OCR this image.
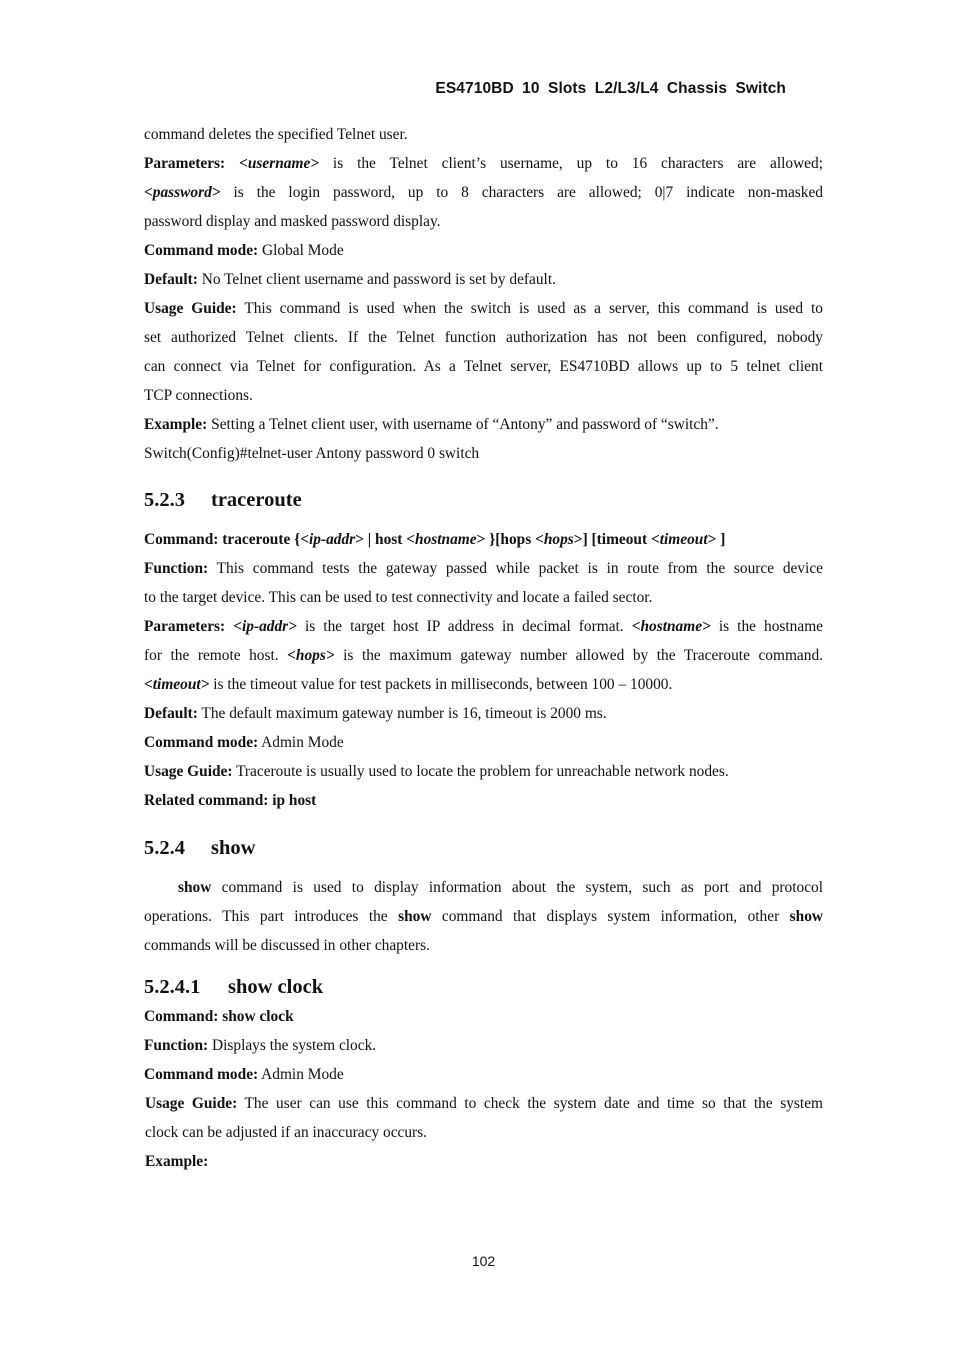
ES4710BD 10 Slots L2/L3/L4 Chassis Switch
command deletes the specified Telnet user.
Parameters: <username> is the Telnet client’s username, up to 16 characters are allowed;
<password> is the login password, up to 8 characters are allowed; 0|7 indicate non-masked
password display and masked password display.
Command mode: Global Mode
Default: No Telnet client username and password is set by default.
Usage Guide: This command is used when the switch is used as a server, this command is used to
set authorized Telnet clients. If the Telnet function authorization has not been configured, nobody
can connect via Telnet for configuration. As a Telnet server, ES4710BD allows up to 5 telnet client
TCP connections.
Example: Setting a Telnet client user, with username of “Antony” and password of “switch”.
Switch(Config)#telnet-user Antony password 0 switch
5.2.3 traceroute
Command: traceroute {<ip-addr> | host <hostname> }[hops <hops>] [timeout <timeout> ]
Function: This command tests the gateway passed while packet is in route from the source device
to the target device. This can be used to test connectivity and locate a failed sector.
Parameters: <ip-addr> is the target host IP address in decimal format. <hostname> is the hostname
for the remote host. <hops> is the maximum gateway number allowed by the Traceroute command.
<timeout> is the timeout value for test packets in milliseconds, between 100 – 10000.
Default: The default maximum gateway number is 16, timeout is 2000 ms.
Command mode: Admin Mode
Usage Guide: Traceroute is usually used to locate the problem for unreachable network nodes.
Related command: ip host
5.2.4 show
show command is used to display information about the system, such as port and protocol
operations. This part introduces the show command that displays system information, other show
commands will be discussed in other chapters.
5.2.4.1 show clock
Command: show clock
Function: Displays the system clock.
Command mode: Admin Mode
Usage Guide: The user can use this command to check the system date and time so that the system
clock can be adjusted if an inaccuracy occurs.
Example:
102
